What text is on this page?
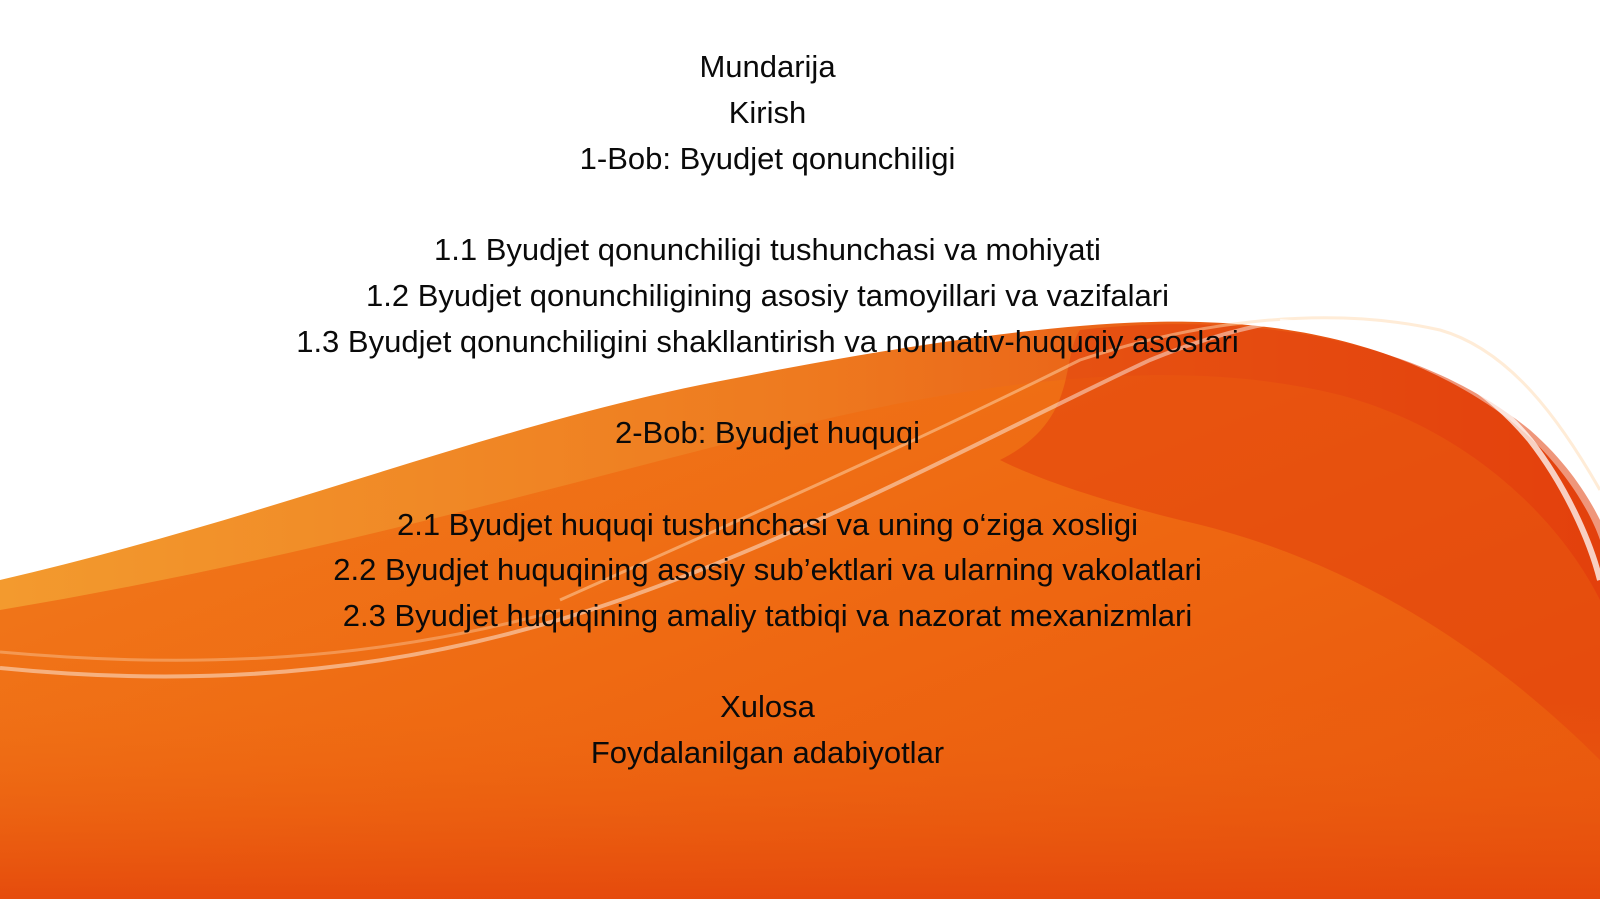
Mundarija
Kirish
1-Bob: Byudjet qonunchiligi
1.1 Byudjet qonunchiligi tushunchasi va mohiyati
1.2 Byudjet qonunchiligining asosiy tamoyillari va vazifalari
1.3 Byudjet qonunchiligini shakllantirish va normativ-huquqiy asoslari
2-Bob: Byudjet huquqi
2.1 Byudjet huquqi tushunchasi va uning o‘ziga xosligi
2.2 Byudjet huquqining asosiy sub’ektlari va ularning vakolatlari
2.3 Byudjet huquqining amaliy tatbiqi va nazorat mexanizmlari
Xulosa
Foydalanilgan adabiyotlar
